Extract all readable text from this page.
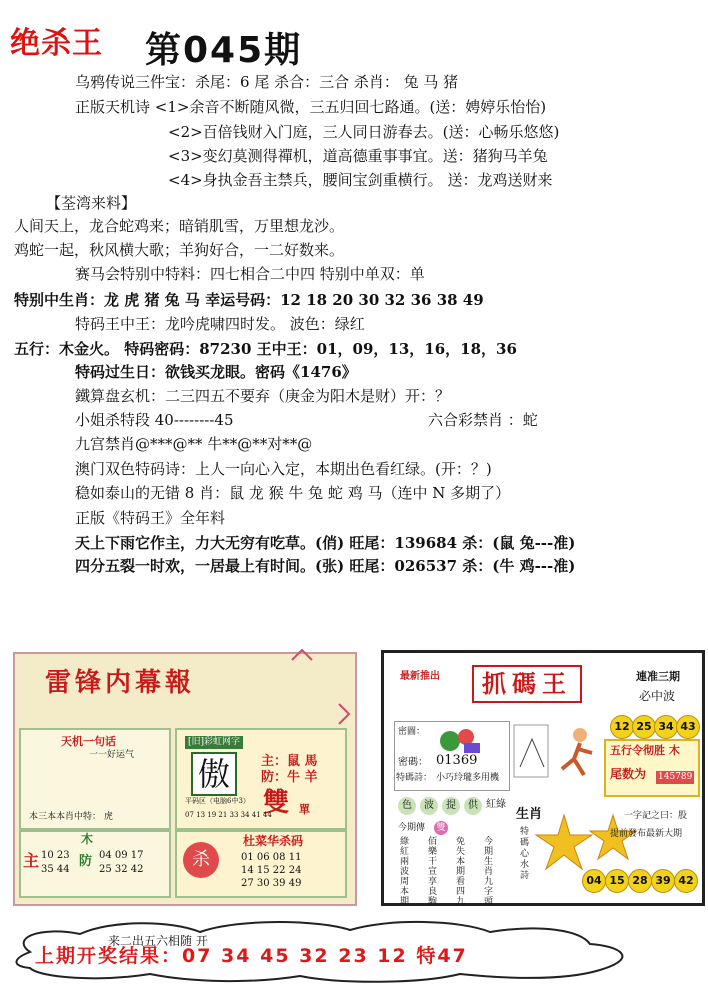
绝杀王 第045期
乌鸦传说三件宝：杀尾：6 尾 杀合：三合 杀肖： 兔 马 猪
正版天机诗 <1>余音不断随风微，三五归回七路通。(送：娉婷乐怡怡)
<2>百倍钱财入门庭，三人同日游春去。(送：心畅乐悠悠)
<3>变幻莫测得禪机，道高德重事事宜。送：猪狗马羊兔
<4>身执金吾主禁兵，腰间宝剑重横行。 送：龙鸡送财来
【荃湾来料】
人间天上，龙合蛇鸡来；暗销肌雪，万里想龙沙。
鸡蛇一起，秋风横大歌；羊狗好合，一二好数来。
赛马会特别中特料：四七相合二中四 特别中单双：单
特别中生肖：龙 虎 猪 兔 马 幸运号码：12 18 20 30 32 36 38 49
特码王中王：龙吟虎啸四时发。 波色：绿红
五行：木金火。 特码密码：87230 王中王：01，09，13，16，18，36
特码过生日：欲钱买龙眼。密码《1476》
鐵算盘玄机：二三四五不要弃（庚金为阳木是财）开：？
小姐杀特段 40--------45	六合彩禁肖 ：蛇
九宫禁肖@***@** 牛**@**对**@
澳门双色特码诗：上人一向心入定，本期出色看红绿。(开：？)
稳如泰山的无错 8 肖：鼠 龙 猴 牛 兔 蛇 鸡 马（连中 N 多期了）
正版《特码王》全年料
天上下雨它作主，力大无穷有吃草。(俏) 旺尾：139684 杀：(鼠 兔---准)
四分五裂一时欢，一居最上有时间。(张) 旺尾：026537 杀：(牛 鸡---准)
雷锋内幕報
天机一句话
一一好运气
本三本本肖中特： 虎
木
主 10 23
35 44
防 04 09 17
25 32 42
[旧]彩虹网字
傲	主：鼠 馬
防：牛 羊
雙 單
平码区（电脑6中3）
07 13 19 21 33 34 41 44
杀
杜菜华杀码
01 06 08 11
14 15 22 24
27 30 39 49
最新推出	抓碼王	連准三期
必中波
12 25 34 43
密圖：
密碼： 01369
特碼詩： 小巧玲瓏多用機
五行令彻胜 木
尾数为 145789
色	波	提	供 紅綠
今期傳 雙
綠紅兩波周本期
佰樂干宣享良駒
免失本期看四九
今期生肖九字頭
生肖
特碼心水詩
一字記之曰：股
提前發布最新大期
04 15 28 39 42
来二出五六相随 开
上期开奖结果：07 34 45 32 23 12 特47
